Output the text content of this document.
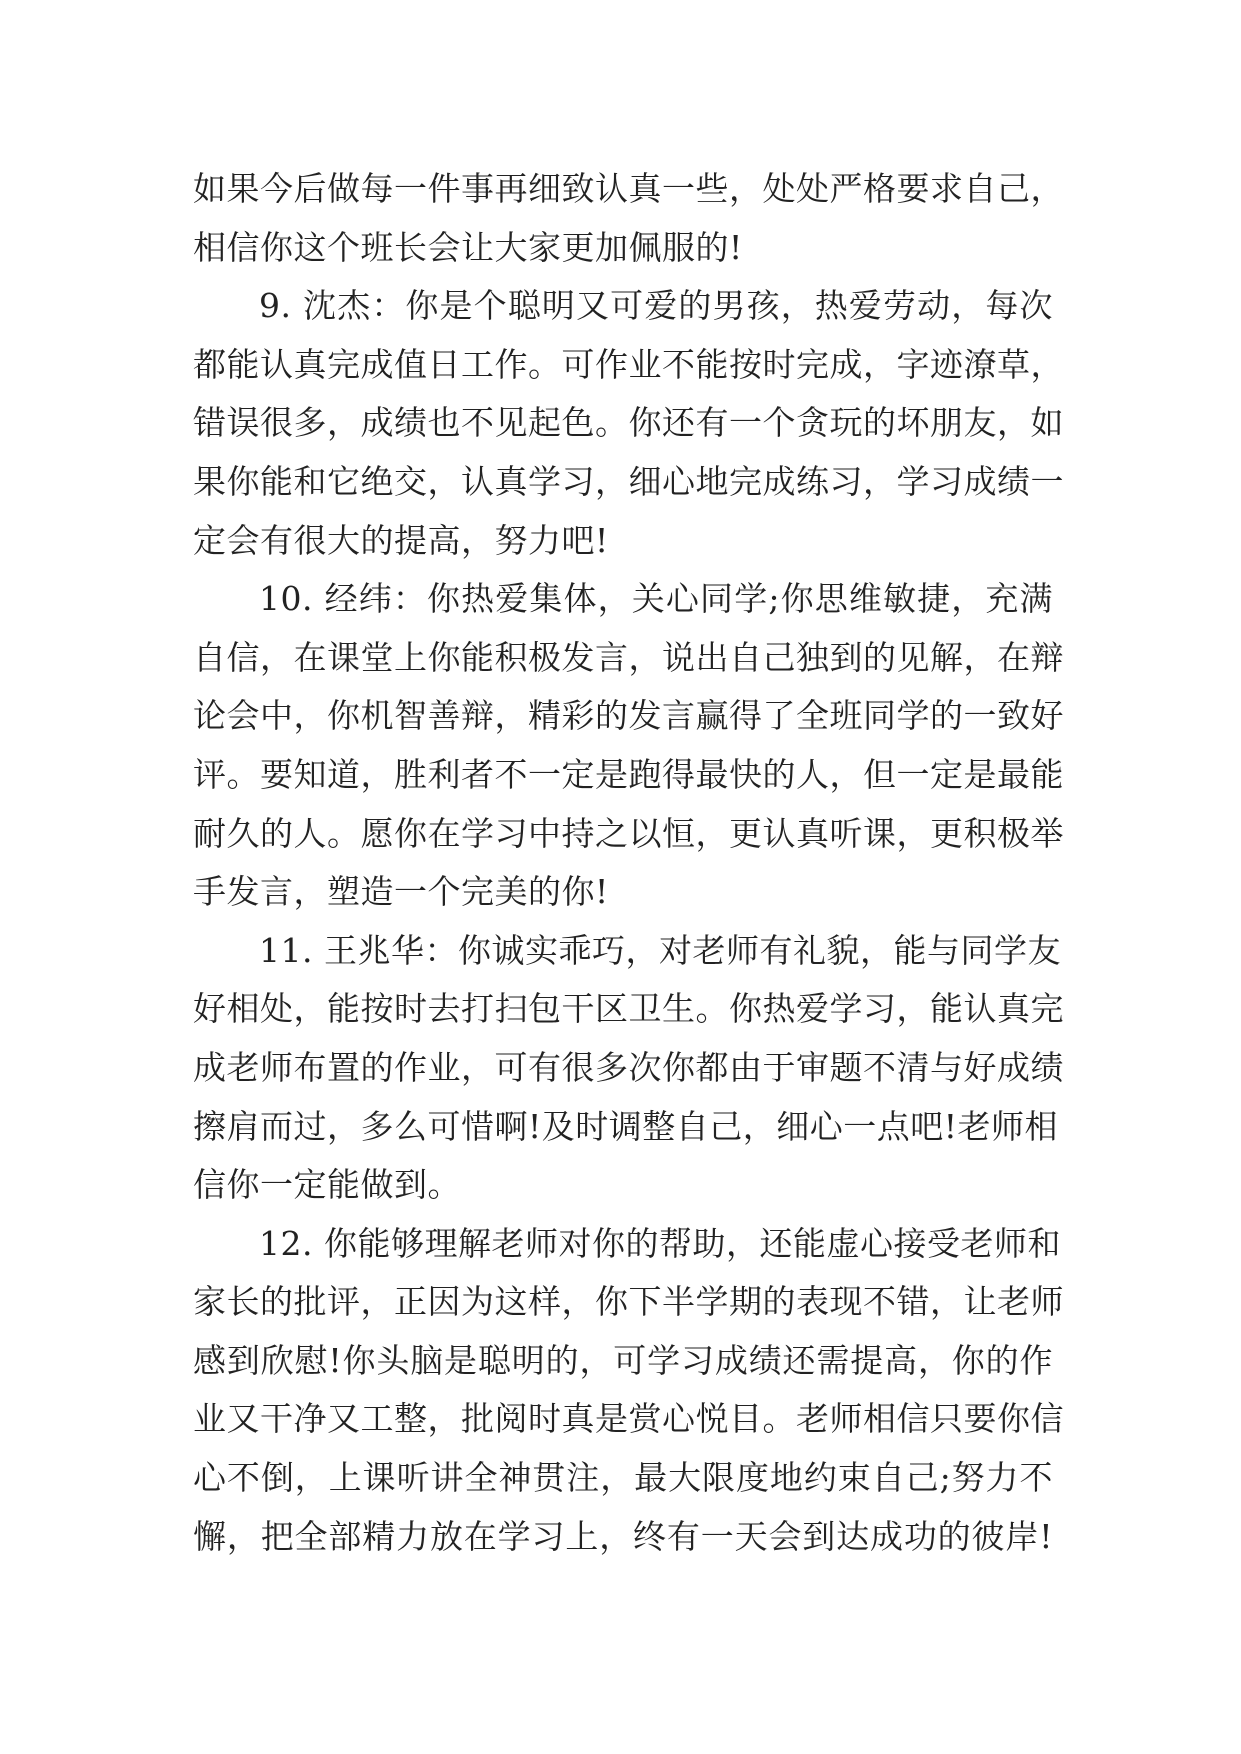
如果今后做每一件事再细致认真一些，处处严格要求自己，
相信你这个班长会让大家更加佩服的!
9. 沈杰：你是个聪明又可爱的男孩，热爱劳动，每次
都能认真完成值日工作。可作业不能按时完成，字迹潦草，
错误很多，成绩也不见起色。你还有一个贪玩的坏朋友，如
果你能和它绝交，认真学习，细心地完成练习，学习成绩一
定会有很大的提高，努力吧!
10. 经纬：你热爱集体，关心同学;你思维敏捷，充满
自信，在课堂上你能积极发言，说出自己独到的见解，在辩
论会中，你机智善辩，精彩的发言赢得了全班同学的一致好
评。要知道，胜利者不一定是跑得最快的人，但一定是最能
耐久的人。愿你在学习中持之以恒，更认真听课，更积极举
手发言，塑造一个完美的你!
11. 王兆华：你诚实乖巧，对老师有礼貌，能与同学友
好相处，能按时去打扫包干区卫生。你热爱学习，能认真完
成老师布置的作业，可有很多次你都由于审题不清与好成绩
擦肩而过，多么可惜啊!及时调整自己，细心一点吧!老师相
信你一定能做到。
12. 你能够理解老师对你的帮助，还能虚心接受老师和
家长的批评，正因为这样，你下半学期的表现不错，让老师
感到欣慰!你头脑是聪明的，可学习成绩还需提高，你的作
业又干净又工整，批阅时真是赏心悦目。老师相信只要你信
心不倒，上课听讲全神贯注，最大限度地约束自己;努力不
懈，把全部精力放在学习上，终有一天会到达成功的彼岸!
